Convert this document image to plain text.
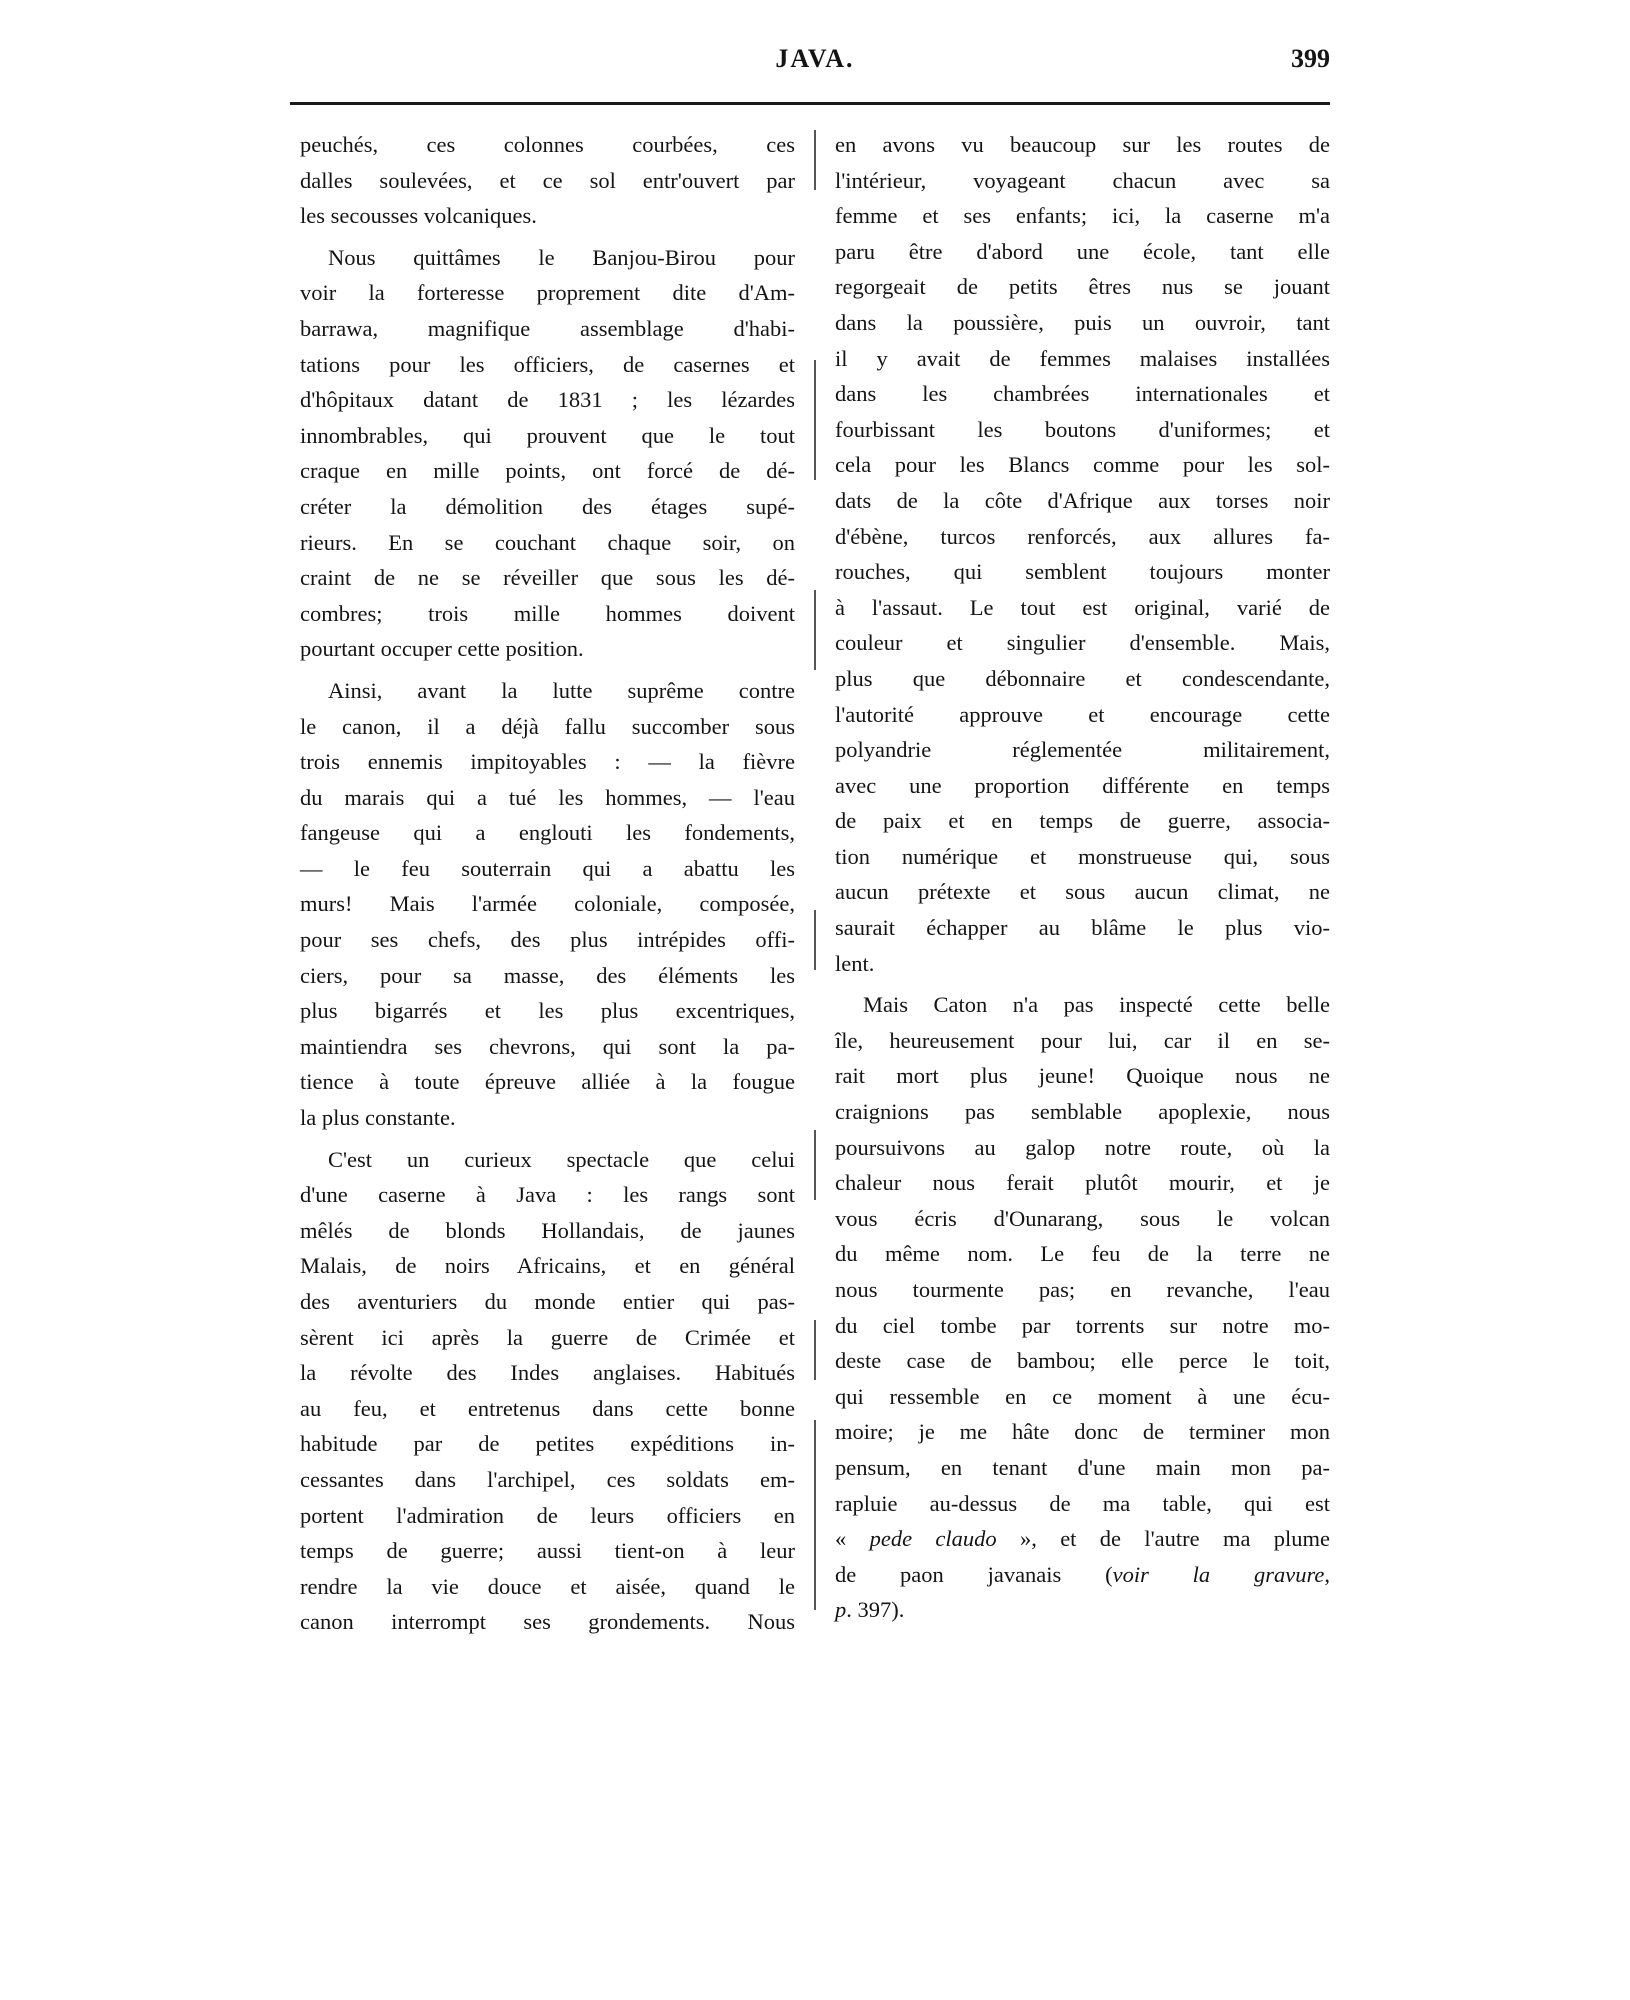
JAVA.	399
peuchés, ces colonnes courbées, ces
dalles soulevées, et ce sol entr'ouvert par
les secousses volcaniques.
Nous quittâmes le Banjou-Birou pour
voir la forteresse proprement dite d'Am-
barrawa, magnifique assemblage d'habi-
tations pour les officiers, de casernes et
d'hôpitaux datant de 1831 ; les lézardes
innombrables, qui prouvent que le tout
craque en mille points, ont forcé de dé-
créter la démolition des étages supé-
rieurs. En se couchant chaque soir, on
craint de ne se réveiller que sous les dé-
combres; trois mille hommes doivent
pourtant occuper cette position.
Ainsi, avant la lutte suprême contre
le canon, il a déjà fallu succomber sous
trois ennemis impitoyables : — la fièvre
du marais qui a tué les hommes, — l'eau
fangeuse qui a englouti les fondements,
— le feu souterrain qui a abattu les
murs! Mais l'armée coloniale, composée,
pour ses chefs, des plus intrépides offi-
ciers, pour sa masse, des éléments les
plus bigarrés et les plus excentriques,
maintiendra ses chevrons, qui sont la pa-
tience à toute épreuve alliée à la fougue
la plus constante.
C'est un curieux spectacle que celui
d'une caserne à Java : les rangs sont
mêlés de blonds Hollandais, de jaunes
Malais, de noirs Africains, et en général
des aventuriers du monde entier qui pas-
sèrent ici après la guerre de Crimée et
la révolte des Indes anglaises. Habitués
au feu, et entretenus dans cette bonne
habitude par de petites expéditions in-
cessantes dans l'archipel, ces soldats em-
portent l'admiration de leurs officiers en
temps de guerre; aussi tient-on à leur
rendre la vie douce et aisée, quand le
canon interrompt ses grondements. Nous
en avons vu beaucoup sur les routes de
l'intérieur, voyageant chacun avec sa
femme et ses enfants; ici, la caserne m'a
paru être d'abord une école, tant elle
regorgeait de petits êtres nus se jouant
dans la poussière, puis un ouvroir, tant
il y avait de femmes malaises installées
dans les chambrées internationales et
fourbissant les boutons d'uniformes; et
cela pour les Blancs comme pour les sol-
dats de la côte d'Afrique aux torses noir
d'ébène, turcos renforcés, aux allures fa-
rouches, qui semblent toujours monter
à l'assaut. Le tout est original, varié de
couleur et singulier d'ensemble. Mais,
plus que débonnaire et condescendante,
l'autorité approuve et encourage cette
polyandrie réglementée militairement,
avec une proportion différente en temps
de paix et en temps de guerre, associa-
tion numérique et monstrueuse qui, sous
aucun prétexte et sous aucun climat, ne
saurait échapper au blâme le plus vio-
lent.
Mais Caton n'a pas inspecté cette belle
île, heureusement pour lui, car il en se-
rait mort plus jeune! Quoique nous ne
craignions pas semblable apoplexie, nous
poursuivons au galop notre route, où la
chaleur nous ferait plutôt mourir, et je
vous écris d'Ounarang, sous le volcan
du même nom. Le feu de la terre ne
nous tourmente pas; en revanche, l'eau
du ciel tombe par torrents sur notre mo-
deste case de bambou; elle perce le toit,
qui ressemble en ce moment à une écu-
moire; je me hâte donc de terminer mon
pensum, en tenant d'une main mon pa-
rapluie au-dessus de ma table, qui est
« pede claudo », et de l'autre ma plume
de paon javanais (voir la gravure,
p. 397).
